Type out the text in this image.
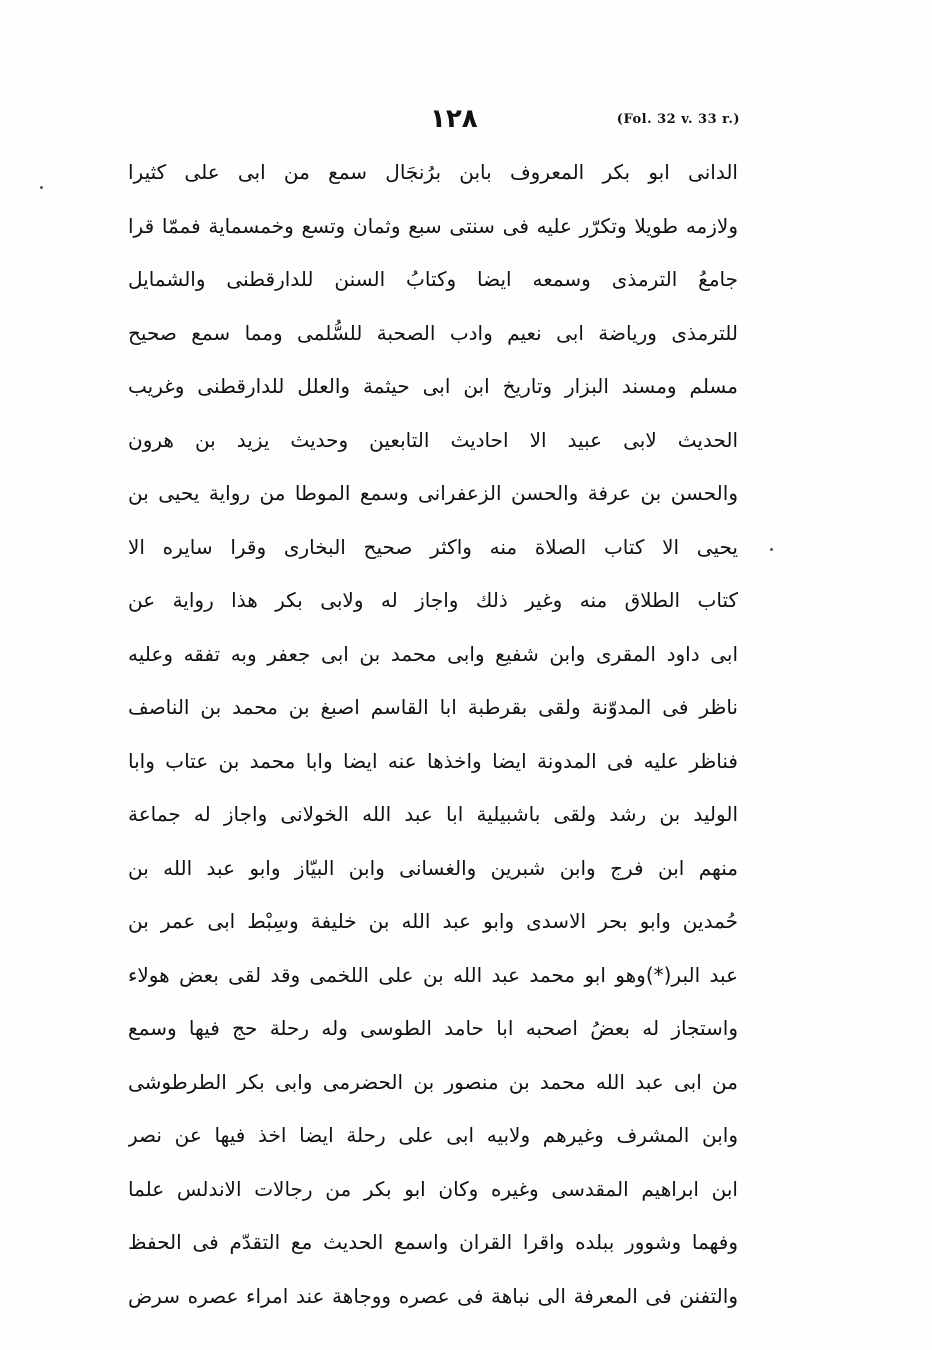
١٢٨	(Fol. 32 v. 33 r.)
الدانى ابو بكر المعروف بابن برُنجَال سمع من ابى على كثيرا
ولازمه طويلا وتكرّر عليه فى سنتى سبع وثمان وتسع وخمسماية فممّا قرا
جامعُ الترمذى وسمعه ايضا وكتابُ السنن للدارقطنى والشمايل
للترمذى ورياضة ابى نعيم وادب الصحبة للسُّلمى ومما سمع صحيح
مسلم ومسند البزار وتاريخ ابن ابى حيثمة والعلل للدارقطنى وغريب
الحديث لابى عبيد الا احاديث التابعين وحديث يزيد بن هرون
والحسن بن عرفة والحسن الزعفرانى وسمع الموطا من رواية يحيى بن
يحيى الا كتاب الصلاة منه واكثر صحيح البخارى وقرا سايره الا
كتاب الطلاق منه وغير ذلك واجاز له ولابى بكر هذا رواية عن
ابى داود المقرى وابن شفيع وابى محمد بن ابى جعفر وبه تفقه وعليه
ناظر فى المدوّنة ولقى بقرطبة ابا القاسم اصبغ بن محمد بن الناصف
فناظر عليه فى المدونة ايضا واخذها عنه ايضا وابا محمد بن عتاب وابا
الوليد بن رشد ولقى باشبيلية ابا عبد الله الخولانى واجاز له جماعة
منهم ابن فرج وابن شبرين والغسانى وابن البيّاز وابو عبد الله بن
حُمدين وابو بحر الاسدى وابو عبد الله بن خليفة وسِبْط ابى عمر بن
عبد البر(*)وهو ابو محمد عبد الله بن على اللخمى وقد لقى بعض هولاء
واستجاز له بعضُ اصحبه ابا حامد الطوسى وله رحلة حج فيها وسمع
من ابى عبد الله محمد بن منصور بن الحضرمى وابى بكر الطرطوشى
وابن المشرف وغيرهم ولابيه ابى على رحلة ايضا اخذ فيها عن نصر
ابن ابراهيم المقدسى وغيره وكان ابو بكر من رجالات الاندلس علما
وفهما وشوور ببلده واقرا القران واسمع الحديث مع التقدّم فى الحفظ
والتفنن فى المعرفة الى نباهة فى عصره ووجاهة عند امراء عصره سرض
